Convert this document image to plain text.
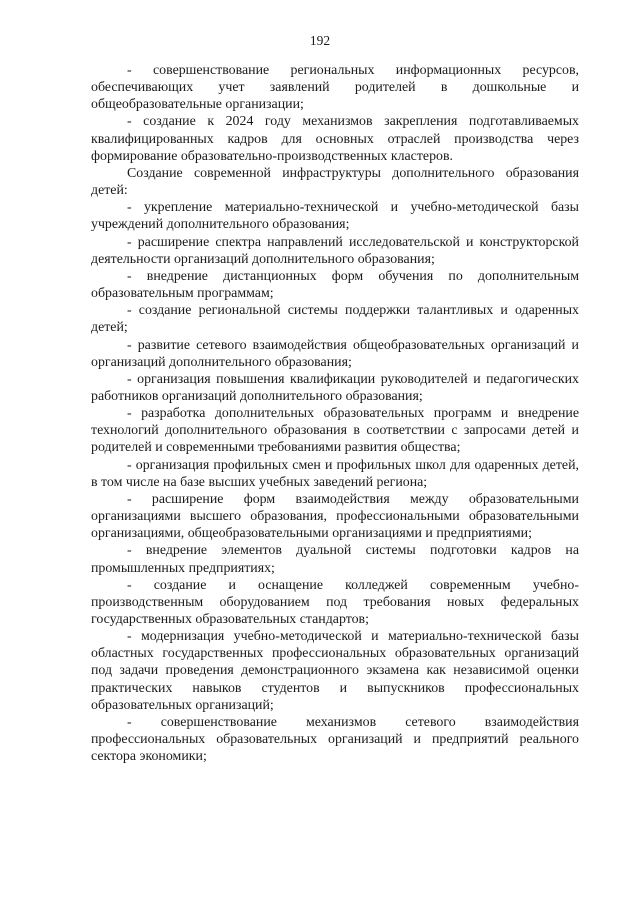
192

- совершенствование региональных информационных ресурсов, обеспечивающих учет заявлений родителей в дошкольные и общеобразовательные организации;

- создание к 2024 году механизмов закрепления подготавливаемых квалифицированных кадров для основных отраслей производства через формирование образовательно-производственных кластеров.

Создание современной инфраструктуры дополнительного образования детей:

- укрепление материально-технической и учебно-методической базы учреждений дополнительного образования;

- расширение спектра направлений исследовательской и конструкторской деятельности организаций дополнительного образования;

- внедрение дистанционных форм обучения по дополнительным образовательным программам;

- создание региональной системы поддержки талантливых и одаренных детей;

- развитие сетевого взаимодействия общеобразовательных организаций и организаций дополнительного образования;

- организация повышения квалификации руководителей и педагогических работников организаций дополнительного образования;

- разработка дополнительных образовательных программ и внедрение технологий дополнительного образования в соответствии с запросами детей и родителей и современными требованиями развития общества;

- организация профильных смен и профильных школ для одаренных детей, в том числе на базе высших учебных заведений региона;

- расширение форм взаимодействия между образовательными организациями высшего образования, профессиональными образовательными организациями, общеобразовательными организациями и предприятиями;

- внедрение элементов дуальной системы подготовки кадров на промышленных предприятиях;

- создание и оснащение колледжей современным учебно-производственным оборудованием под требования новых федеральных государственных образовательных стандартов;

- модернизация учебно-методической и материально-технической базы областных государственных профессиональных образовательных организаций под задачи проведения демонстрационного экзамена как независимой оценки практических навыков студентов и выпускников профессиональных образовательных организаций;

- совершенствование механизмов сетевого взаимодействия профессиональных образовательных организаций и предприятий реального сектора экономики;
